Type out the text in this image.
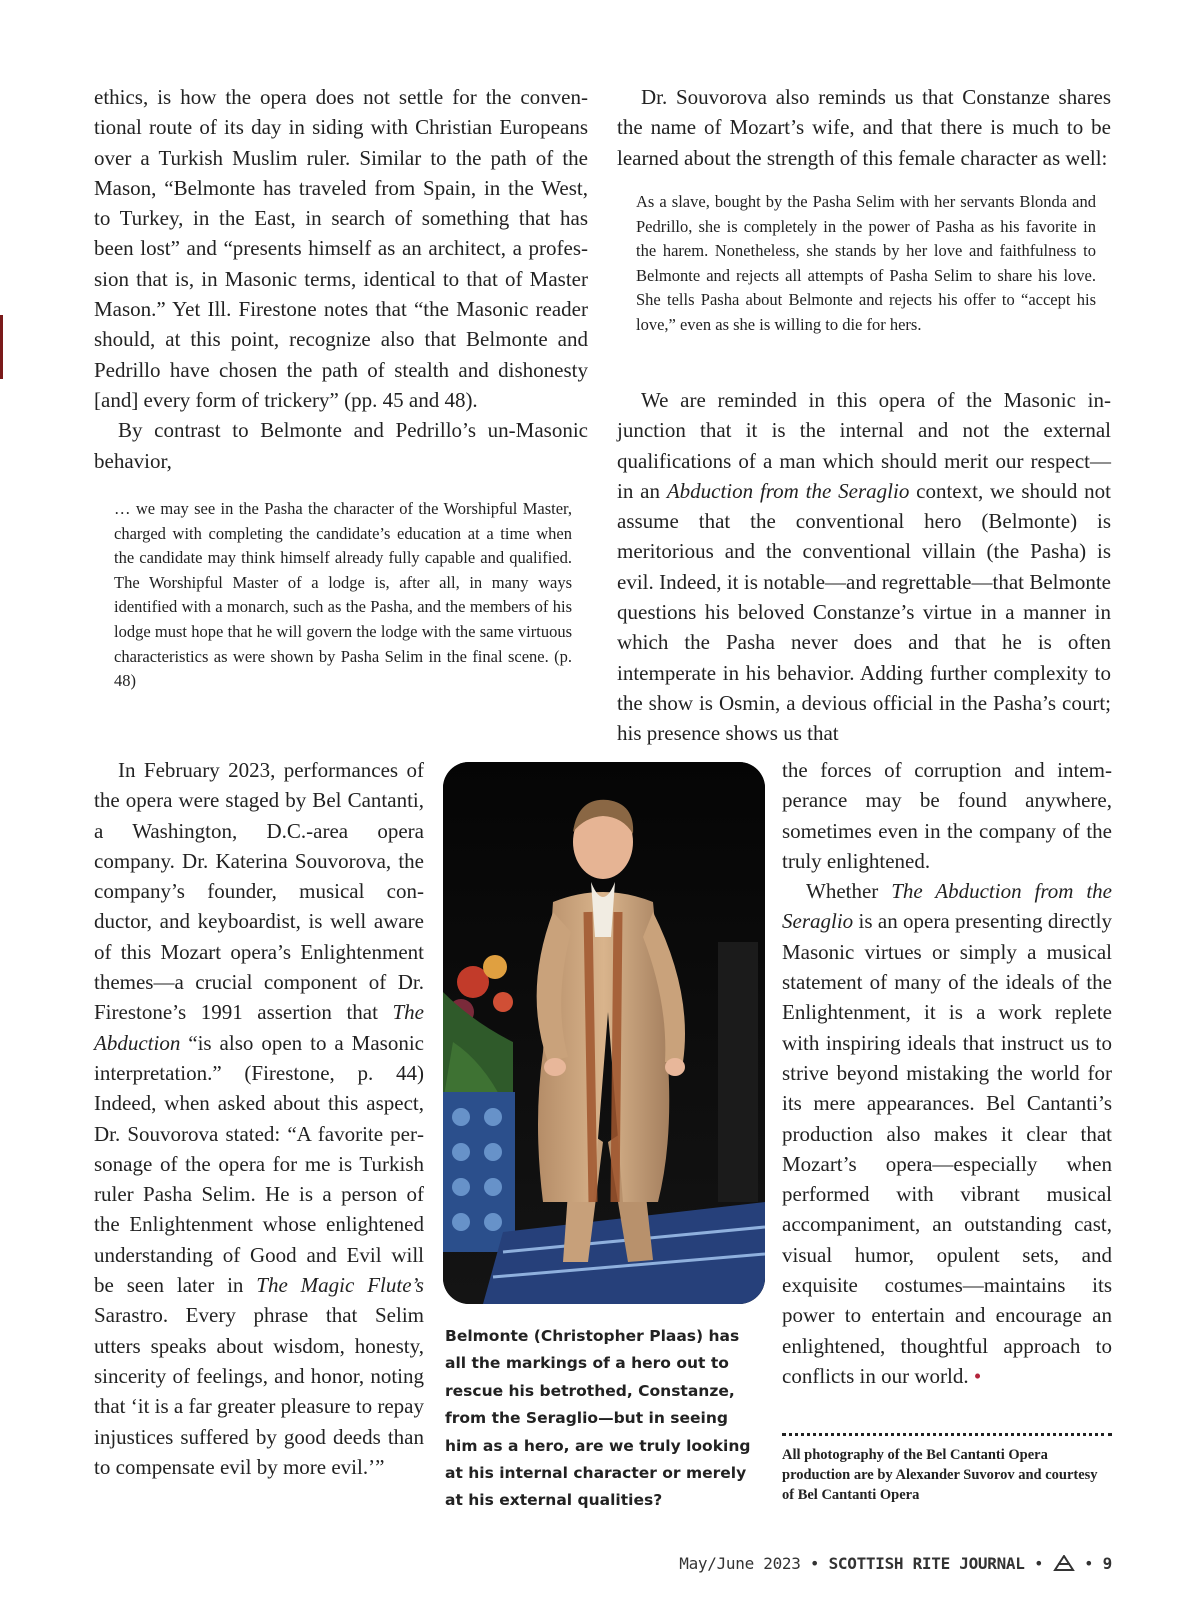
ethics, is how the opera does not settle for the conventional route of its day in siding with Christian Europeans over a Turkish Muslim ruler. Similar to the path of the Mason, “Belmonte has traveled from Spain, in the West, to Turkey, in the East, in search of something that has been lost” and “presents himself as an architect, a profession that is, in Masonic terms, identical to that of Master Mason.” Yet Ill. Firestone notes that “the Masonic reader should, at this point, recognize also that Belmonte and Pedrillo have chosen the path of stealth and dishonesty [and] every form of trickery” (pp. 45 and 48).

By contrast to Belmonte and Pedrillo’s un-Masonic behavior,

… we may see in the Pasha the character of the Worshipful Master, charged with completing the candidate’s education at a time when the candidate may think himself already fully capable and qualified. The Worshipful Master of a lodge is, after all, in many ways identified with a monarch, such as the Pasha, and the members of his lodge must hope that he will govern the lodge with the same virtuous characteristics as were shown by Pasha Selim in the final scene. (p. 48)

In February 2023, performances of the opera were staged by Bel Cantanti, a Washington, D.C.-area opera company. Dr. Katerina Souvorova, the company’s founder, musical conductor, and keyboardist, is well aware of this Mozart opera’s Enlightenment themes—a crucial component of Dr. Firestone’s 1991 assertion that The Abduction “is also open to a Masonic interpretation.” (Firestone, p. 44) Indeed, when asked about this aspect, Dr. Souvorova stated: “A favorite personage of the opera for me is Turkish ruler Pasha Selim. He is a person of the Enlightenment whose enlightened understanding of Good and Evil will be seen later in The Magic Flute’s Sarastro. Every phrase that Selim utters speaks about wisdom, honesty, sincerity of feelings, and honor, noting that ‘it is a far greater pleasure to repay injustices suffered by good deeds than to compensate evil by more evil.’”

Belmonte (Christopher Plaas) has all the markings of a hero out to rescue his betrothed, Constanze, from the Seraglio—but in seeing him as a hero, are we truly looking at his internal character or merely at his external qualities?

Dr. Souvorova also reminds us that Constanze shares the name of Mozart’s wife, and that there is much to be learned about the strength of this female character as well:

As a slave, bought by the Pasha Selim with her servants Blonda and Pedrillo, she is completely in the power of Pasha as his favorite in the harem. Nonetheless, she stands by her love and faithfulness to Belmonte and rejects all attempts of Pasha Selim to share his love. She tells Pasha about Belmonte and rejects his offer to “accept his love,” even as she is willing to die for hers.

We are reminded in this opera of the Masonic injunction that it is the internal and not the external qualifications of a man which should merit our respect—in an Abduction from the Seraglio context, we should not assume that the conventional hero (Belmonte) is meritorious and the conventional villain (the Pasha) is evil. Indeed, it is notable—and regrettable—that Belmonte questions his beloved Constanze’s virtue in a manner in which the Pasha never does and that he is often intemperate in his behavior. Adding further complexity to the show is Osmin, a devious official in the Pasha’s court; his presence shows us that

the forces of corruption and intemperance may be found anywhere, sometimes even in the company of the truly enlightened.

Whether The Abduction from the Seraglio is an opera presenting directly Masonic virtues or simply a musical statement of many of the ideals of the Enlightenment, it is a work replete with inspiring ideals that instruct us to strive beyond mistaking the world for its mere appearances. Bel Cantanti’s production also makes it clear that Mozart’s opera—especially when performed with vibrant musical accompaniment, an outstanding cast, visual humor, opulent sets, and exquisite costumes—maintains its power to entertain and encourage an enlightened, thoughtful approach to conflicts in our world. •

All photography of the Bel Cantanti Opera production are by Alexander Suvorov and courtesy of Bel Cantanti Opera
May/June 2023 • SCOTTISH RITE JOURNAL •	• 9
